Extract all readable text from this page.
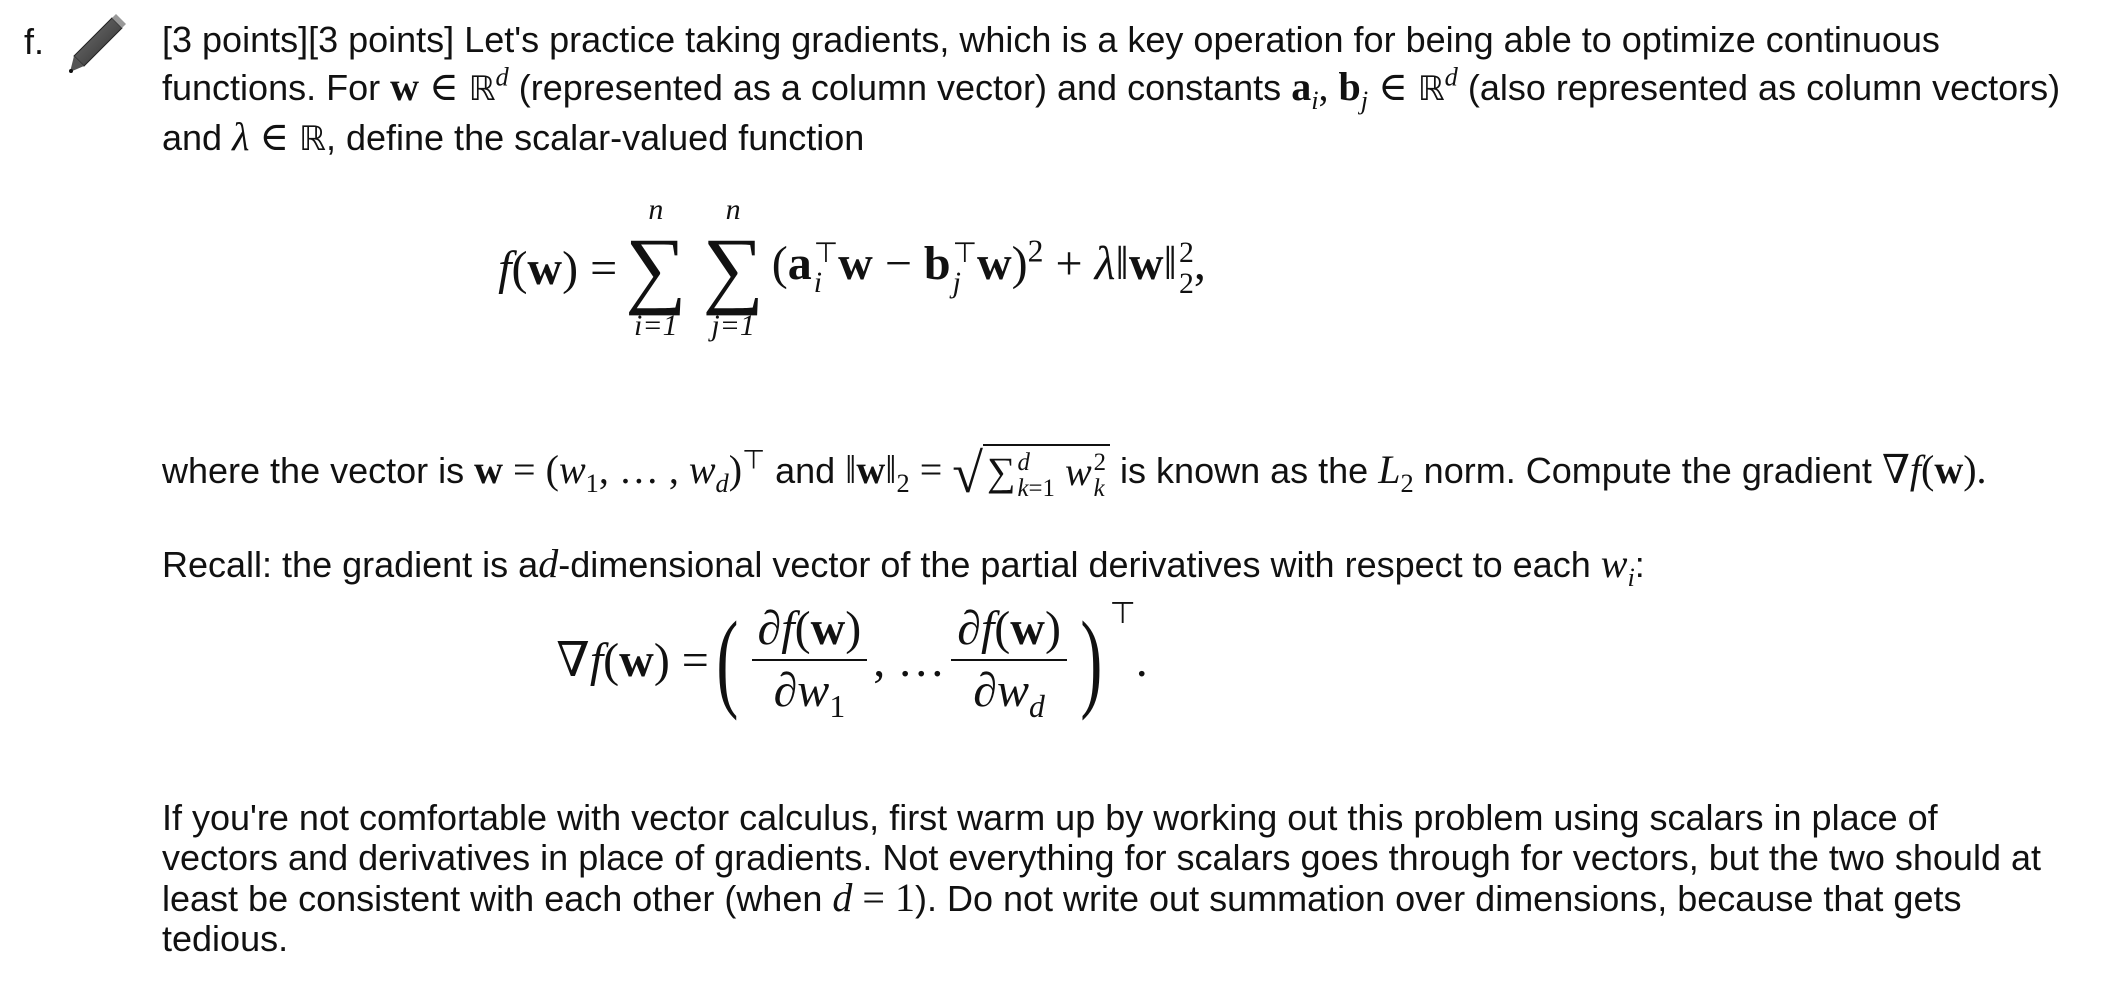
f.	[3 points][3 points] Let's practice taking gradients, which is a key operation for being able to optimize continuous functions. For w ∈ ℝ$^d$ (represented as a column vector) and constants $a_i$, $b_j$ ∈ ℝ$^d$ (also represented as column vectors) and λ ∈ ℝ, define the scalar-valued function

f(w) =
n
∑
i=1
n
∑
j=1
(a ⊤
i w − b ⊤
j w)$^2$ + λ‖w‖ 2
2 ,

where the vector is $w = (w_1$, … , $w_d)^⊤$ and $‖w‖_2$ = √ ∑ d
k=1 w 2
k is known as the $L_2$ norm. Compute the gradient ∇f(w).

Recall: the gradient is ad-dimensional vector of the partial derivatives with respect to each $w_i$:

∇f(w) = ( $\frac{\partial f(w)}{\partial w_1}$ , … $\frac{\partial f(w)}{\partial w_d}$ ) ⊤
.

If you're not comfortable with vector calculus, first warm up by working out this problem using scalars in place of vectors and derivatives in place of gradients. Not everything for scalars goes through for vectors, but the two should at least be consistent with each other (when d = 1). Do not write out summation over dimensions, because that gets tedious.
